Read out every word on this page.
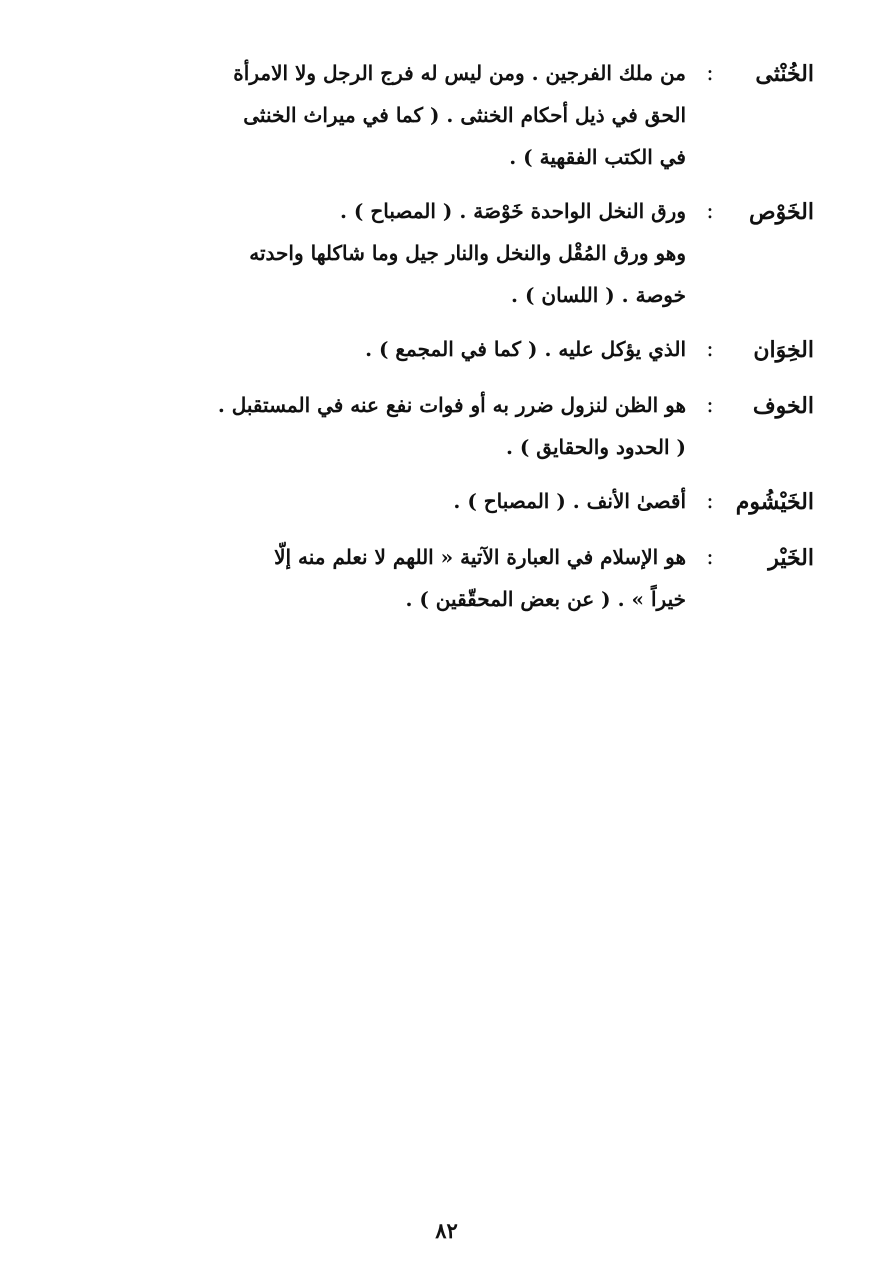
الخُنْثى
:
من ملك الفرجين . ومن ليس له فرج الرجل ولا الامرأة
الحق في ذيل أحكام الخنثى . ( كما في ميراث الخنثى
في الكتب الفقهية ) .
الخَوْص
:
ورق النخل الواحدة خَوْصَة . ( المصباح ) .
وهو ورق المُقْل والنخل والنار جيل وما شاكلها واحدته
خوصة . ( اللسان ) .
الخِوَان
:
الذي يؤكل عليه . ( كما في المجمع ) .
الخوف
:
هو الظن لنزول ضرر به أو فوات نفع عنه في المستقبل .
( الحدود والحقايق ) .
الخَيْشُوم
:
أقصىٰ الأنف . ( المصباح ) .
الخَيْر
:
هو الإسلام في العبارة الآتية « اللهم لا نعلم منه إلّا
خيراً » . ( عن بعض المحقّقين ) .
٨٢
